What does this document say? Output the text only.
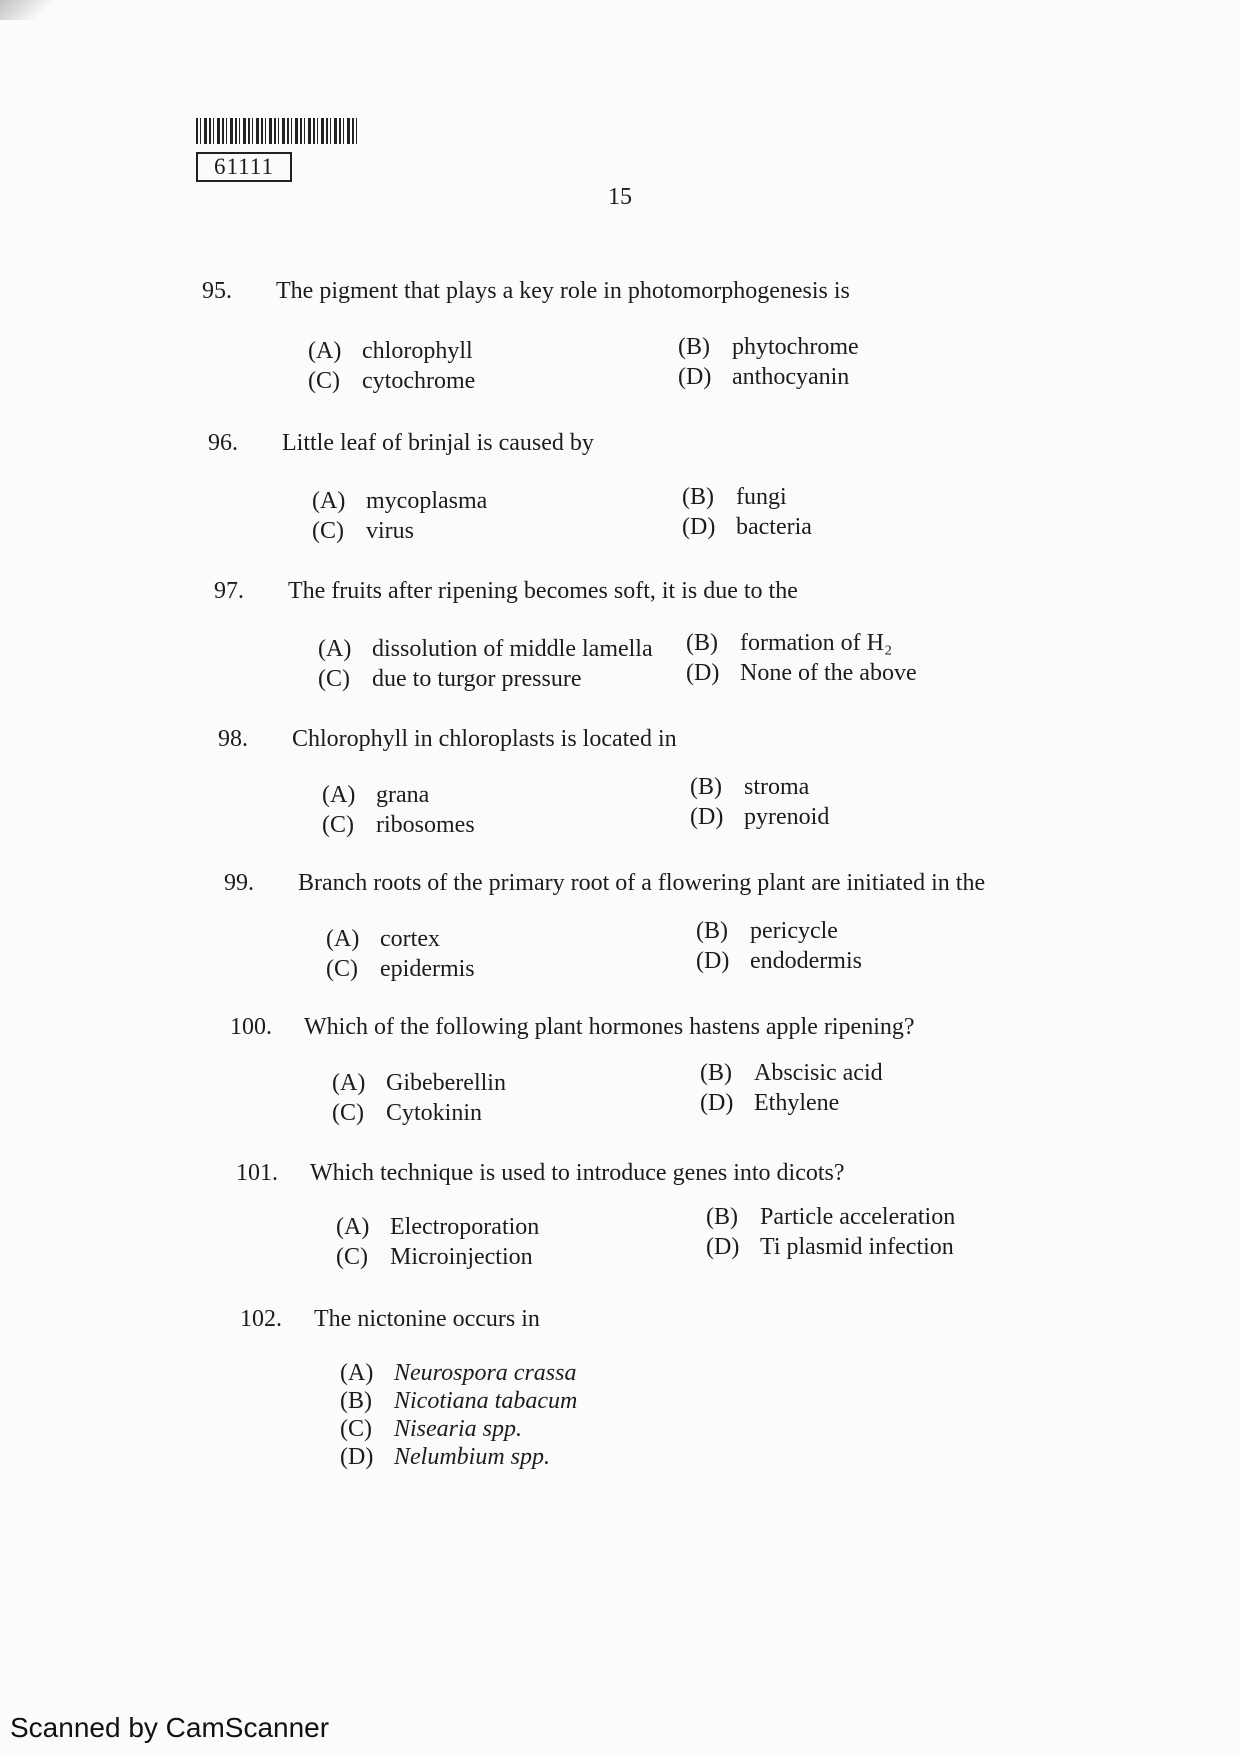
61111
15
95. The pigment that plays a key role in photomorphogenesis is
(A) chlorophyll	(B) phytochrome
(C) cytochrome	(D) anthocyanin
96. Little leaf of brinjal is caused by
(A) mycoplasma	(B) fungi
(C) virus	(D) bacteria
97. The fruits after ripening becomes soft, it is due to the
(A) dissolution of middle lamella (B) formation of H₂
(C) due to turgor pressure	(D) None of the above
98. Chlorophyll in chloroplasts is located in
(A) grana	(B) stroma
(C) ribosomes	(D) pyrenoid
99. Branch roots of the primary root of a flowering plant are initiated in the
(A) cortex	(B) pericycle
(C) epidermis	(D) endodermis
100. Which of the following plant hormones hastens apple ripening?
(A) Gibeberellin	(B) Abscisic acid
(C) Cytokinin	(D) Ethylene
101. Which technique is used to introduce genes into dicots?
(A) Electroporation	(B) Particle acceleration
(C) Microinjection	(D) Ti plasmid infection
102. The nictonine occurs in
(A) Neurospora crassa
(B) Nicotiana tabacum
(C) Nisearia spp.
(D) Nelumbium spp.
Scanned by CamScanner
